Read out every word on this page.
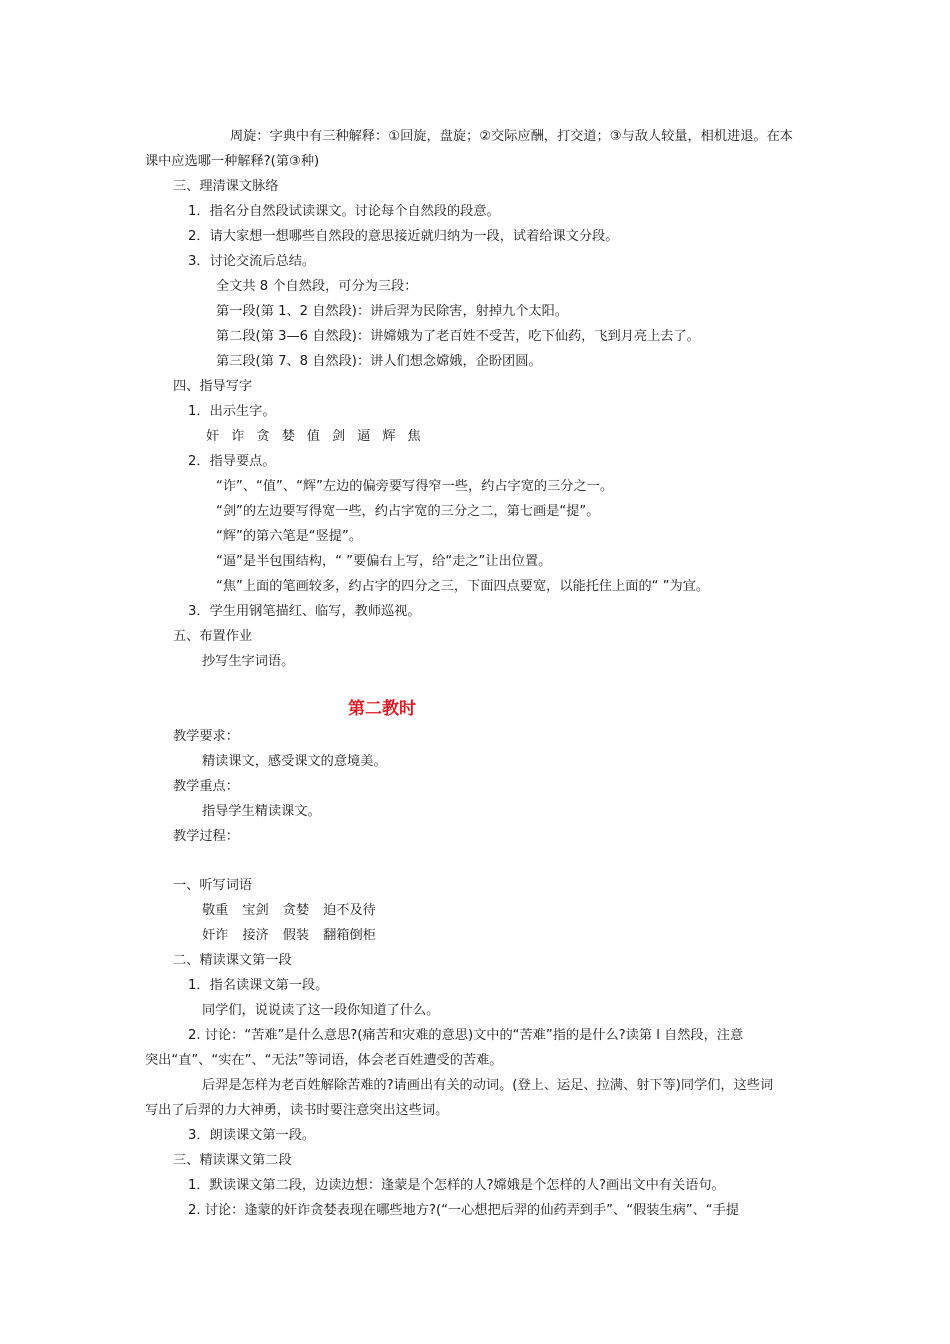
周旋：字典中有三种解释：①回旋，盘旋；②交际应酬，打交道；③与敌人较量，相机进退。在本
课中应选哪一种解释?(第③种)
三、理清课文脉络
1．指名分自然段试读课文。讨论每个自然段的段意。
2．请大家想一想哪些自然段的意思接近就归纳为一段，试着给课文分段。
3．讨论交流后总结。
全文共 8 个自然段，可分为三段：
第一段(第 1、2 自然段)：讲后羿为民除害，射掉九个太阳。
第二段(第 3—6 自然段)：讲嫦娥为了老百姓不受苦，吃下仙药，飞到月亮上去了。
第三段(第 7、8 自然段)：讲人们想念嫦娥，企盼团圆。
四、指导写字
1．出示生字。
奸 诈 贪 婪 值 剑 逼 辉 焦
2．指导要点。
“诈”、“值”、“辉”左边的偏旁要写得窄一些，约占字宽的三分之一。
“剑”的左边要写得宽一些，约占字宽的三分之二，第七画是“提”。
“辉”的第六笔是“竖提”。
“逼”是半包围结构，“ ”要偏右上写，给“走之”让出位置。
“焦”上面的笔画较多，约占字的四分之三，下面四点要宽，以能托住上面的“ ”为宜。
3．学生用钢笔描红、临写，教师巡视。
五、布置作业
抄写生字词语。
第二教时
教学要求：
精读课文，感受课文的意境美。
教学重点：
指导学生精读课文。
教学过程：
一、听写词语
敬重 宝剑 贪婪 迫不及待
奸诈 接济 假装 翻箱倒柜
二、精读课文第一段
1．指名读课文第一段。
同学们，说说读了这一段你知道了什么。
2. 讨论：“苦难”是什么意思?(痛苦和灾难的意思)文中的“苦难”指的是什么?读第 l 自然段，注意
突出“直”、“实在”、“无法”等词语，体会老百姓遭受的苦难。
后羿是怎样为老百姓解除苦难的?请画出有关的动词。(登上、运足、拉满、射下等)同学们，这些词
写出了后羿的力大神勇，读书时要注意突出这些词。
3．朗读课文第一段。
三、精读课文第二段
1．默读课文第二段，边读边想：逢蒙是个怎样的人?嫦娥是个怎样的人?画出文中有关语句。
2. 讨论：逢蒙的奸诈贪婪表现在哪些地方?(“一心想把后羿的仙药弄到手”、“假装生病”、“手提
